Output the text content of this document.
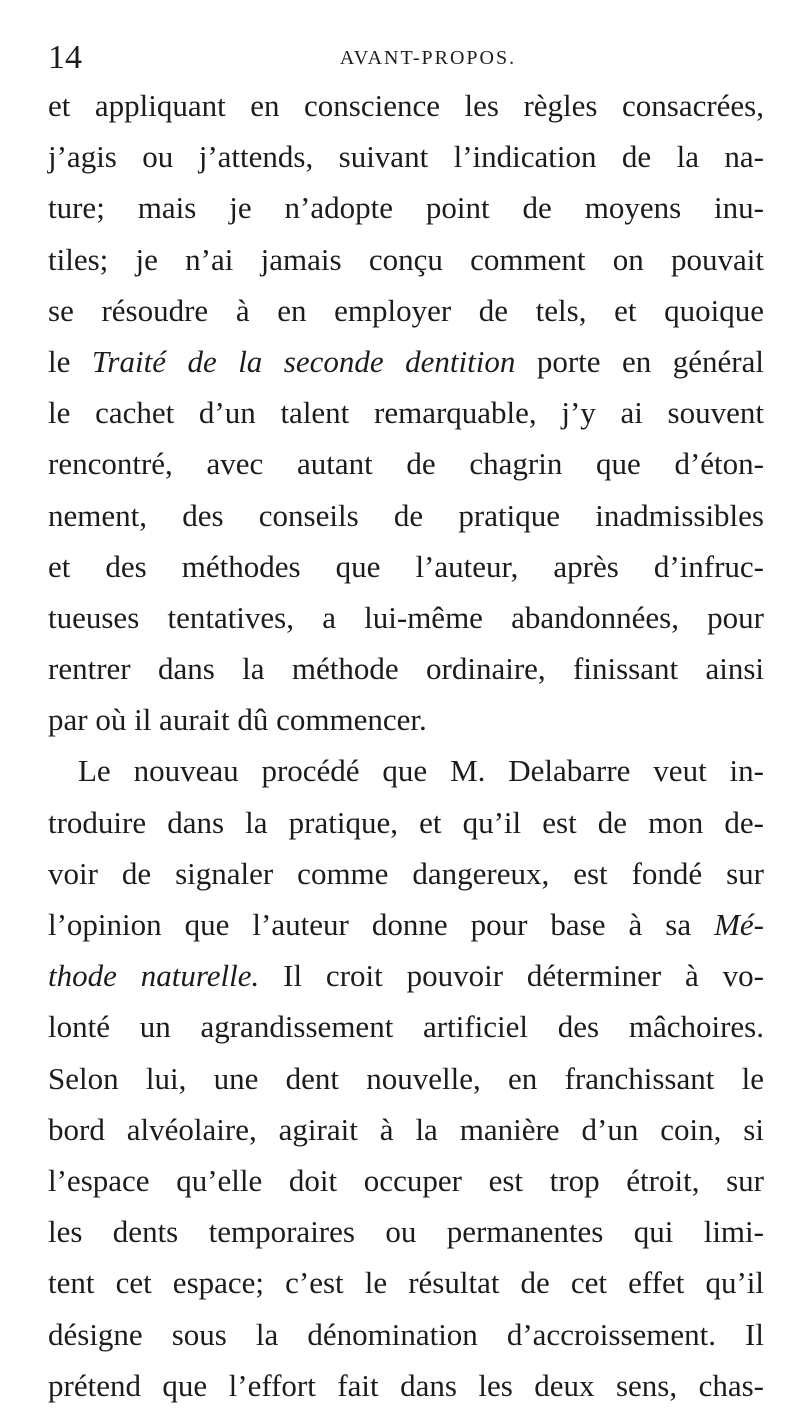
14	AVANT-PROPOS.
et appliquant en conscience les règles consacrées,
j’agis ou j’attends, suivant l’indication de la na-
ture; mais je n’adopte point de moyens inu-
tiles; je n’ai jamais conçu comment on pouvait
se résoudre à en employer de tels, et quoique
le Traité de la seconde dentition porte en général
le cachet d’un talent remarquable, j’y ai souvent
rencontré, avec autant de chagrin que d’éton-
nement, des conseils de pratique inadmissibles
et des méthodes que l’auteur, après d’infruc-
tueuses tentatives, a lui-même abandonnées, pour
rentrer dans la méthode ordinaire, finissant ainsi
par où il aurait dû commencer.
Le nouveau procédé que M. Delabarre veut in-
troduire dans la pratique, et qu’il est de mon de-
voir de signaler comme dangereux, est fondé sur
l’opinion que l’auteur donne pour base à sa Mé-
thode naturelle. Il croit pouvoir déterminer à vo-
lonté un agrandissement artificiel des mâchoires.
Selon lui, une dent nouvelle, en franchissant le
bord alvéolaire, agirait à la manière d’un coin, si
l’espace qu’elle doit occuper est trop étroit, sur
les dents temporaires ou permanentes qui limi-
tent cet espace; c’est le résultat de cet effet qu’il
désigne sous la dénomination d’accroissement. Il
prétend que l’effort fait dans les deux sens, chas-
